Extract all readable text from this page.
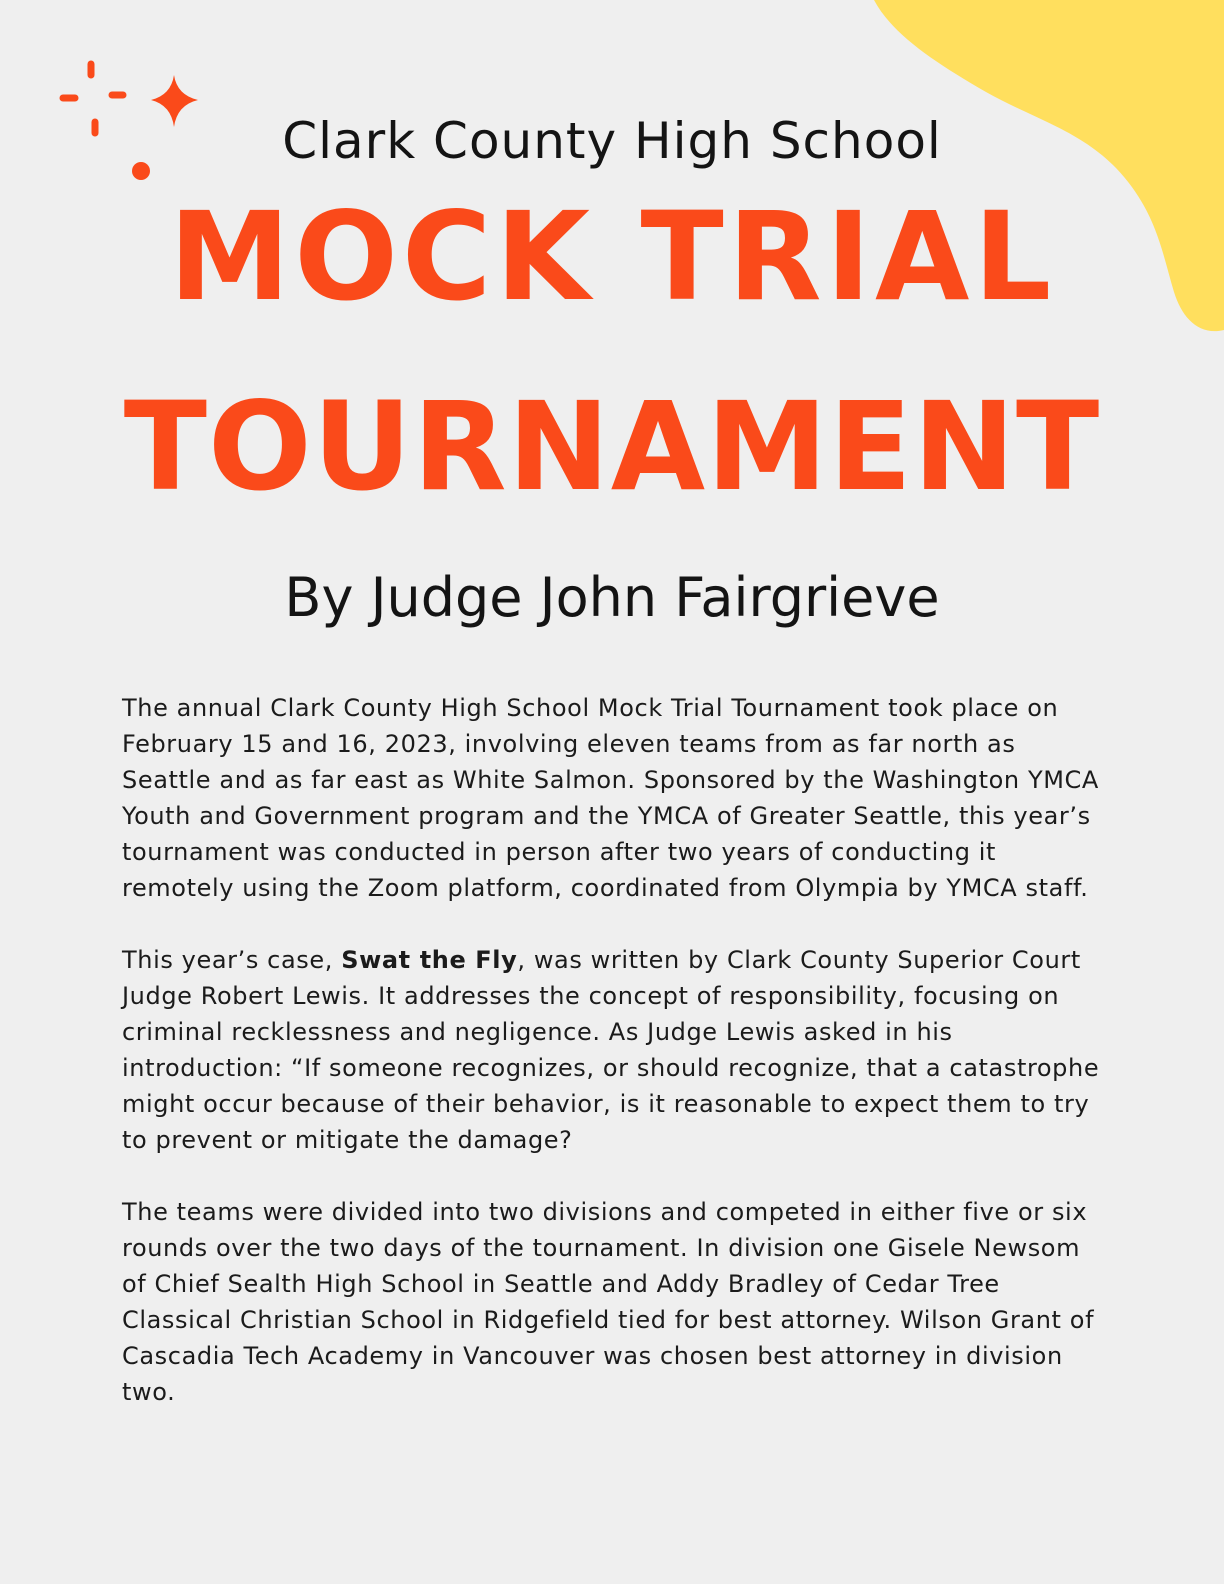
Clark County High School
MOCK TRIAL
TOURNAMENT
By Judge John Fairgrieve

The annual Clark County High School Mock Trial Tournament took place on February 15 and 16, 2023, involving eleven teams from as far north as Seattle and as far east as White Salmon. Sponsored by the Washington YMCA Youth and Government program and the YMCA of Greater Seattle, this year’s tournament was conducted in person after two years of conducting it remotely using the Zoom platform, coordinated from Olympia by YMCA staff.

This year’s case, Swat the Fly, was written by Clark County Superior Court Judge Robert Lewis. It addresses the concept of responsibility, focusing on criminal recklessness and negligence. As Judge Lewis asked in his introduction: “If someone recognizes, or should recognize, that a catastrophe might occur because of their behavior, is it reasonable to expect them to try to prevent or mitigate the damage?

The teams were divided into two divisions and competed in either five or six rounds over the two days of the tournament. In division one Gisele Newsom of Chief Sealth High School in Seattle and Addy Bradley of Cedar Tree Classical Christian School in Ridgefield tied for best attorney. Wilson Grant of Cascadia Tech Academy in Vancouver was chosen best attorney in division two.
